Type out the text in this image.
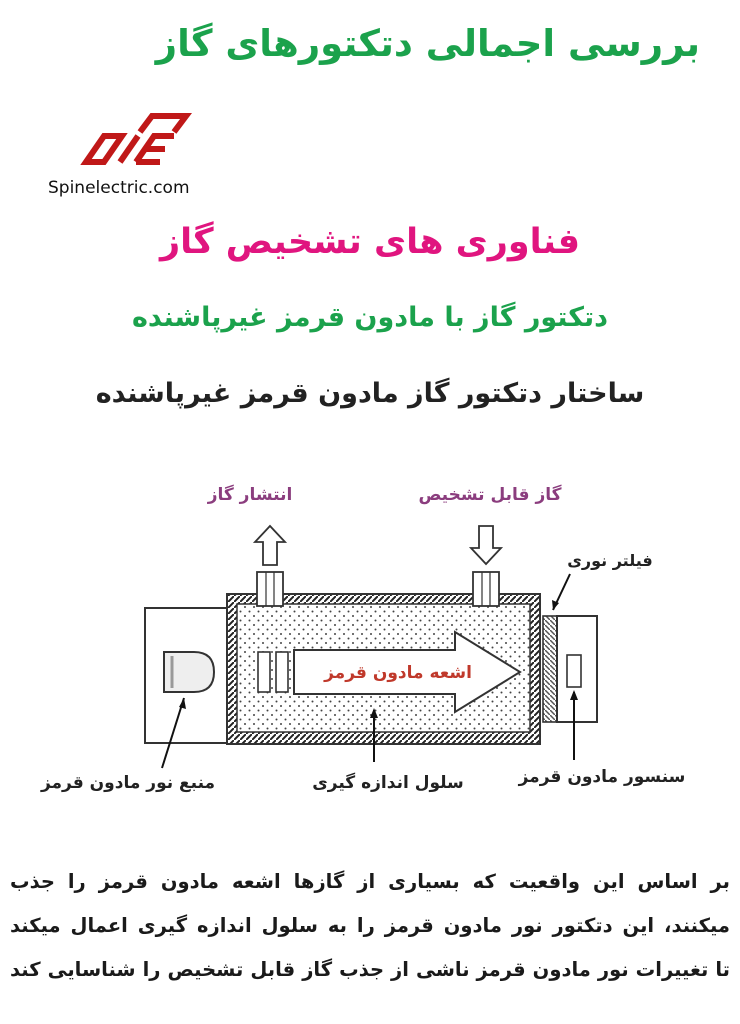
بررسی اجمالی دتکتورهای گاز
Spinelectric.com
فناوری های تشخیص گاز
دتکتور گاز با مادون قرمز غیرپاشنده
ساختار دتکتور گاز مادون قرمز غیرپاشنده
انتشار گاز	گاز قابل تشخیص
فیلتر نوری
اشعه مادون قرمز
منبع نور مادون قرمز	سلول اندازه گیری	سنسور مادون قرمز
بر اساس این واقعیت که بسیاری از گازها اشعه مادون قرمز را جذب
میکنند، این دتکتور نور مادون قرمز را به سلول اندازه گیری اعمال میکند
تا تغییرات نور مادون قرمز ناشی از جذب گاز قابل تشخیص را شناسایی کند
